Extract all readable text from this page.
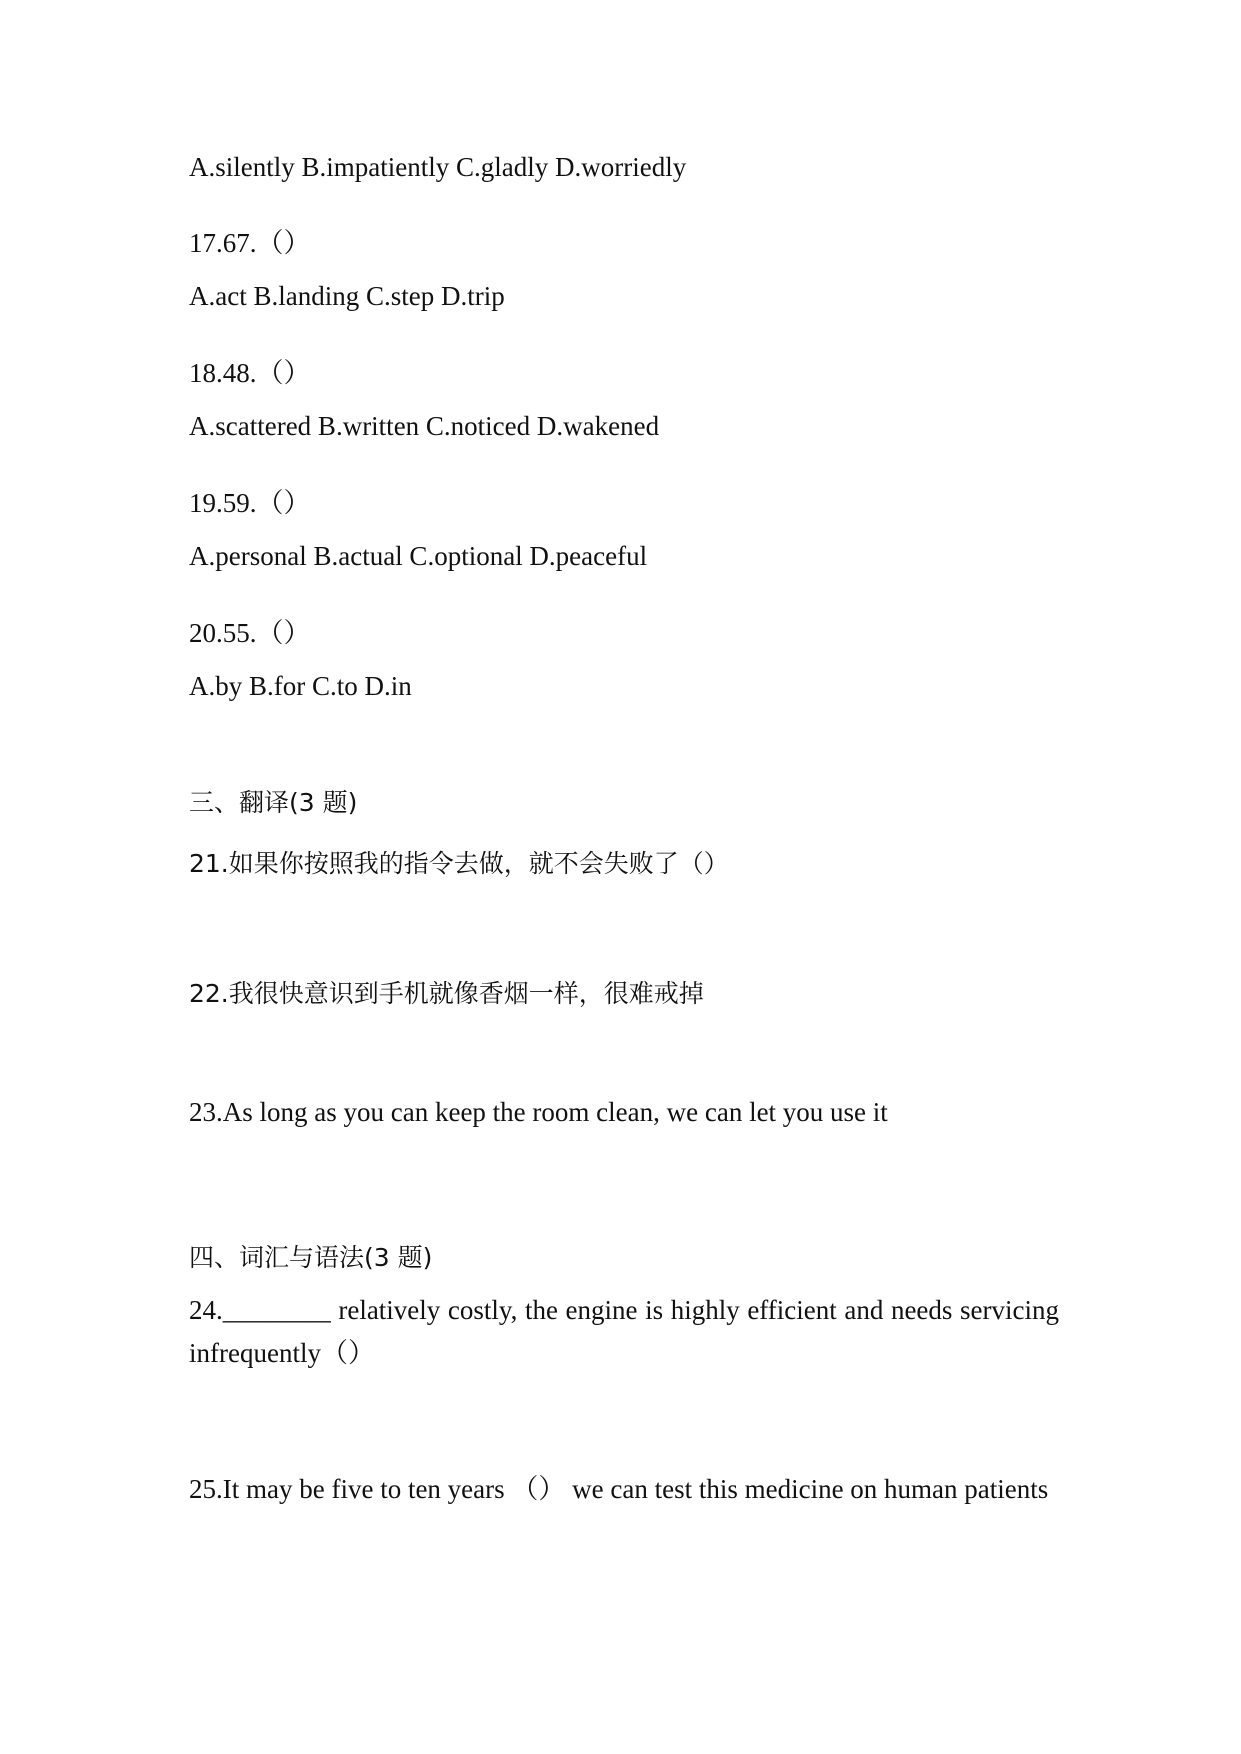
A.silently B.impatiently C.gladly D.worriedly
17.67.（）
A.act B.landing C.step D.trip
18.48.（）
A.scattered B.written C.noticed D.wakened
19.59.（）
A.personal B.actual C.optional D.peaceful
20.55.（）
A.by B.for C.to D.in
三、翻译(3 题)
21.如果你按照我的指令去做，就不会失败了（）
22.我很快意识到手机就像香烟一样，很难戒掉
23.As long as you can keep the room clean, we can let you use it
四、词汇与语法(3 题)
24.________ relatively costly, the engine is highly efficient and needs servicing infrequently（）
25.It may be five to ten years （） we can test this medicine on human patients
